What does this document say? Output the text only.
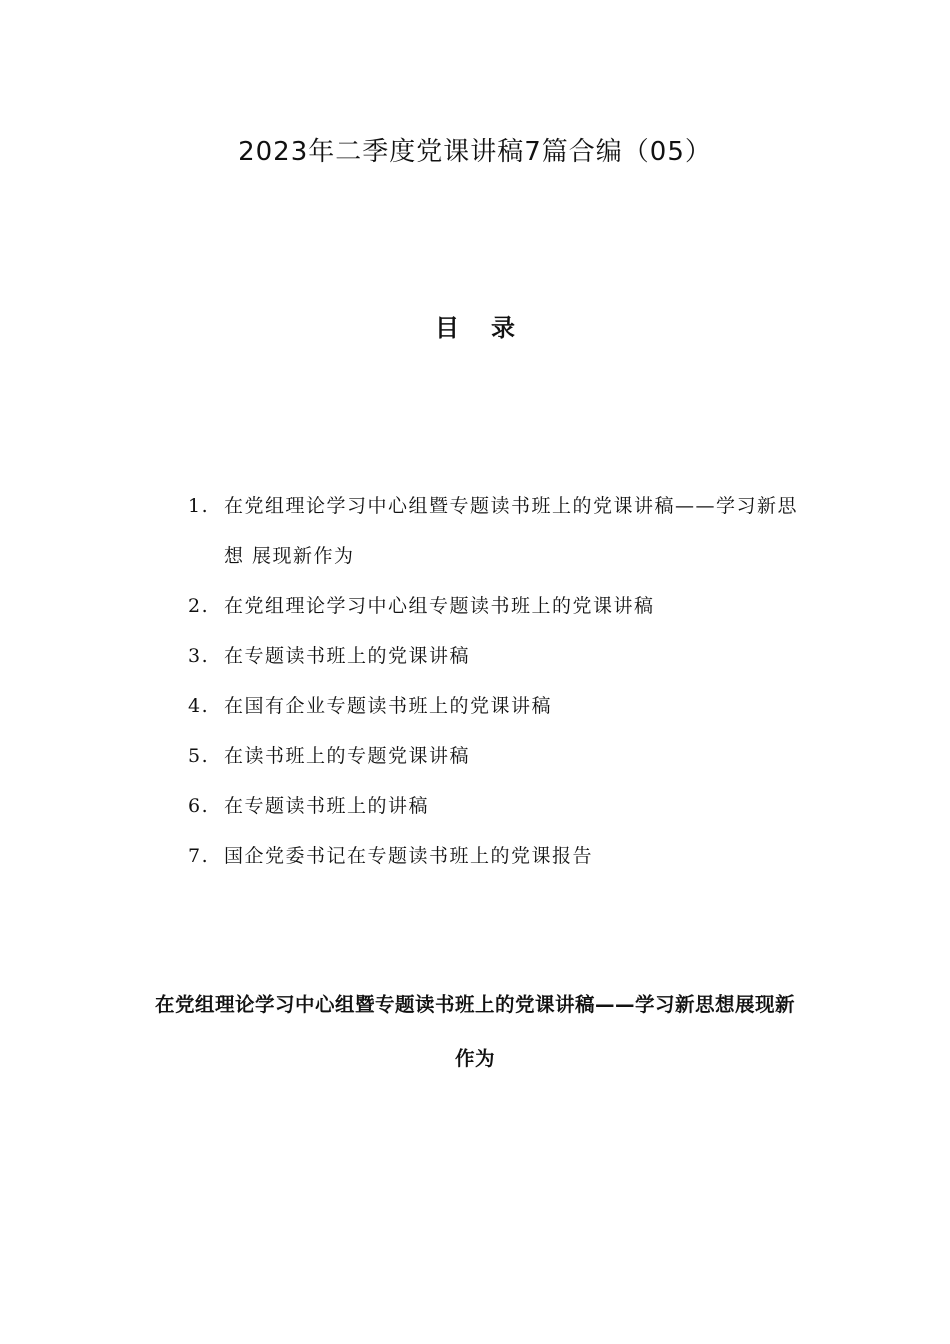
2023年二季度党课讲稿7篇合编（05）
目录
1. 在党组理论学习中心组暨专题读书班上的党课讲稿——学习新思想 展现新作为
2. 在党组理论学习中心组专题读书班上的党课讲稿
3. 在专题读书班上的党课讲稿
4. 在国有企业专题读书班上的党课讲稿
5. 在读书班上的专题党课讲稿
6. 在专题读书班上的讲稿
7. 国企党委书记在专题读书班上的党课报告
在党组理论学习中心组暨专题读书班上的党课讲稿——学习新思想展现新作为
